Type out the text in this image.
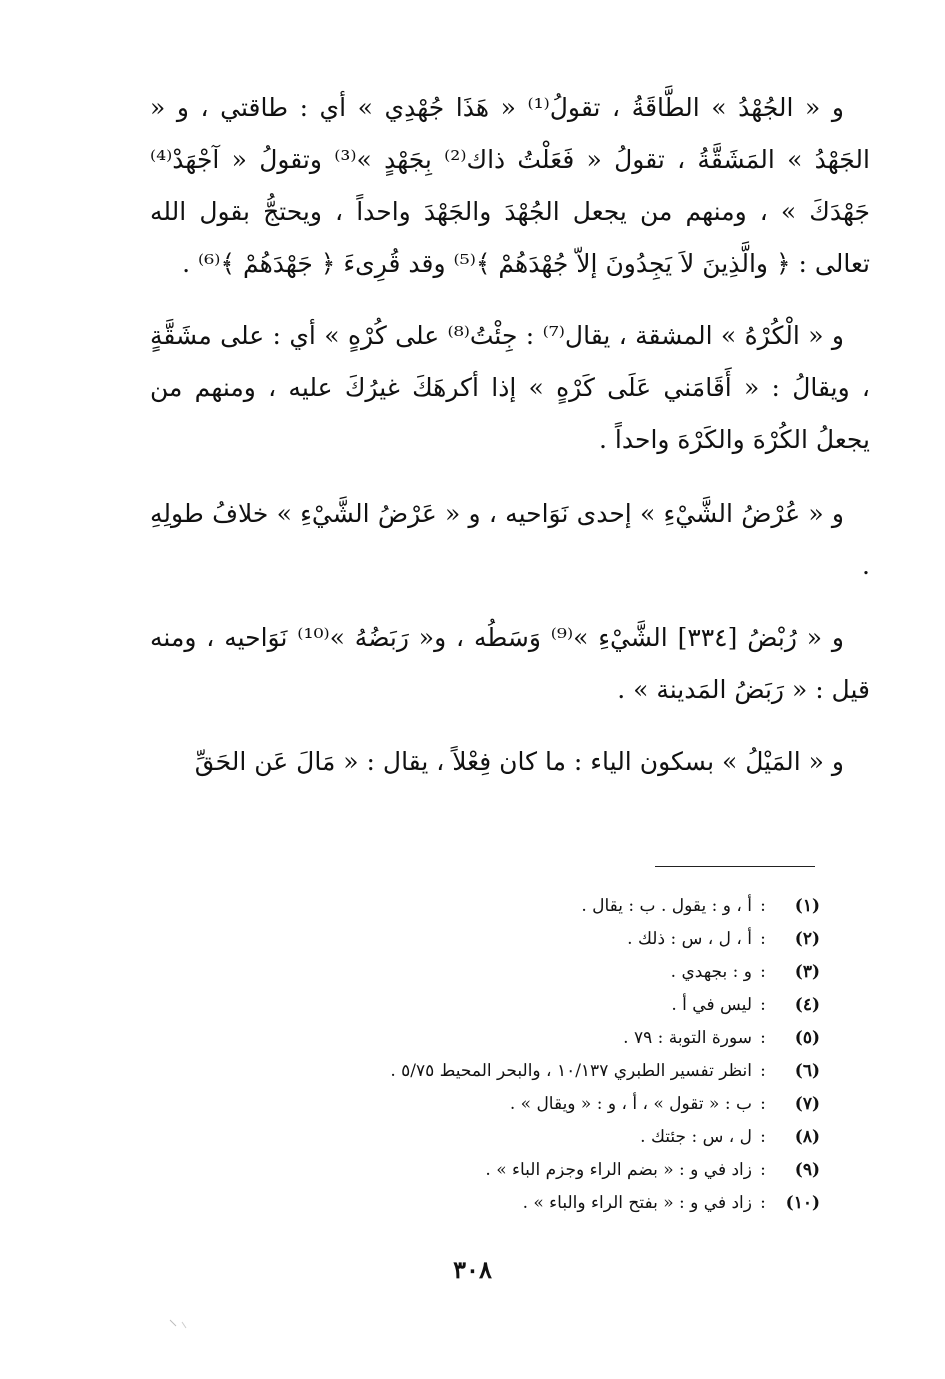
و « الجُهْدُ » الطَّاقَةُ ، تقولُ⁽¹⁾ « هَذَا جُهْدِي » أي : طاقتي ، و « الجَهْدُ » المَشَقَّةُ ، تقولُ « فَعَلْتُ ذاك⁽²⁾ بِجَهْدٍ »⁽³⁾ وتقولُ « آجْهَدْ⁽⁴⁾ جَهْدَكَ » ، ومنهم من يجعل الجُهْدَ والجَهْدَ واحداً ، ويحتجُّ بقول الله تعالى : ﴿ والَّذِينَ لاَ يَجِدُونَ إلاّ جُهْدَهُمْ ﴾⁽⁵⁾ وقد قُرِىءَ ﴿ جَهْدَهُمْ ﴾⁽⁶⁾ .

و « الْكُرْهُ » المشقة ، يقال⁽⁷⁾ : جِئْتُ⁽⁸⁾ على كُرْهٍ » أي : على مشَقَّةٍ ، ويقالُ : « أَقَامَني عَلَى كَرْهٍ » إذا أكرهَكَ غيرُكَ عليه ، ومنهم من يجعلُ الكُرْهَ والكَرْهَ واحداً .

و « عُرْضُ الشَّيْءِ » إحدى نَوَاحيه ، و « عَرْضُ الشَّيْءِ » خلافُ طولِهِ .

و « رُبْضُ [٣٣٤] الشَّيْءِ »⁽⁹⁾ وَسَطُه ، و« رَبَضُهُ »⁽¹⁰⁾ نَوَاحيه ، ومنه قيل : « رَبَضُ المَدينة » .

و « المَيْلُ » بسكون الياء : ما كان فِعْلاً ، يقال : « مَالَ عَن الحَقِّ

(١)
:
أ ، و : يقول . ب : يقال .
(٢)
:
أ ، ل ، س : ذلك .
(٣)
:
و : بجهدي .
(٤)
:
ليس في أ .
(٥)
:
سورة التوبة : ٧٩ .
(٦)
:
انظر تفسير الطبري ١٠/١٣٧ ، والبحر المحيط ٥/٧٥ .
(٧)
:
ب : « تقول » ، أ ، و : « ويقال » .
(٨)
:
ل ، س : جئتك .
(٩)
:
زاد في و : « بضم الراء وجزم الباء » .
(١٠)
:
زاد في و : « بفتح الراء والباء » .
٣٠٨
